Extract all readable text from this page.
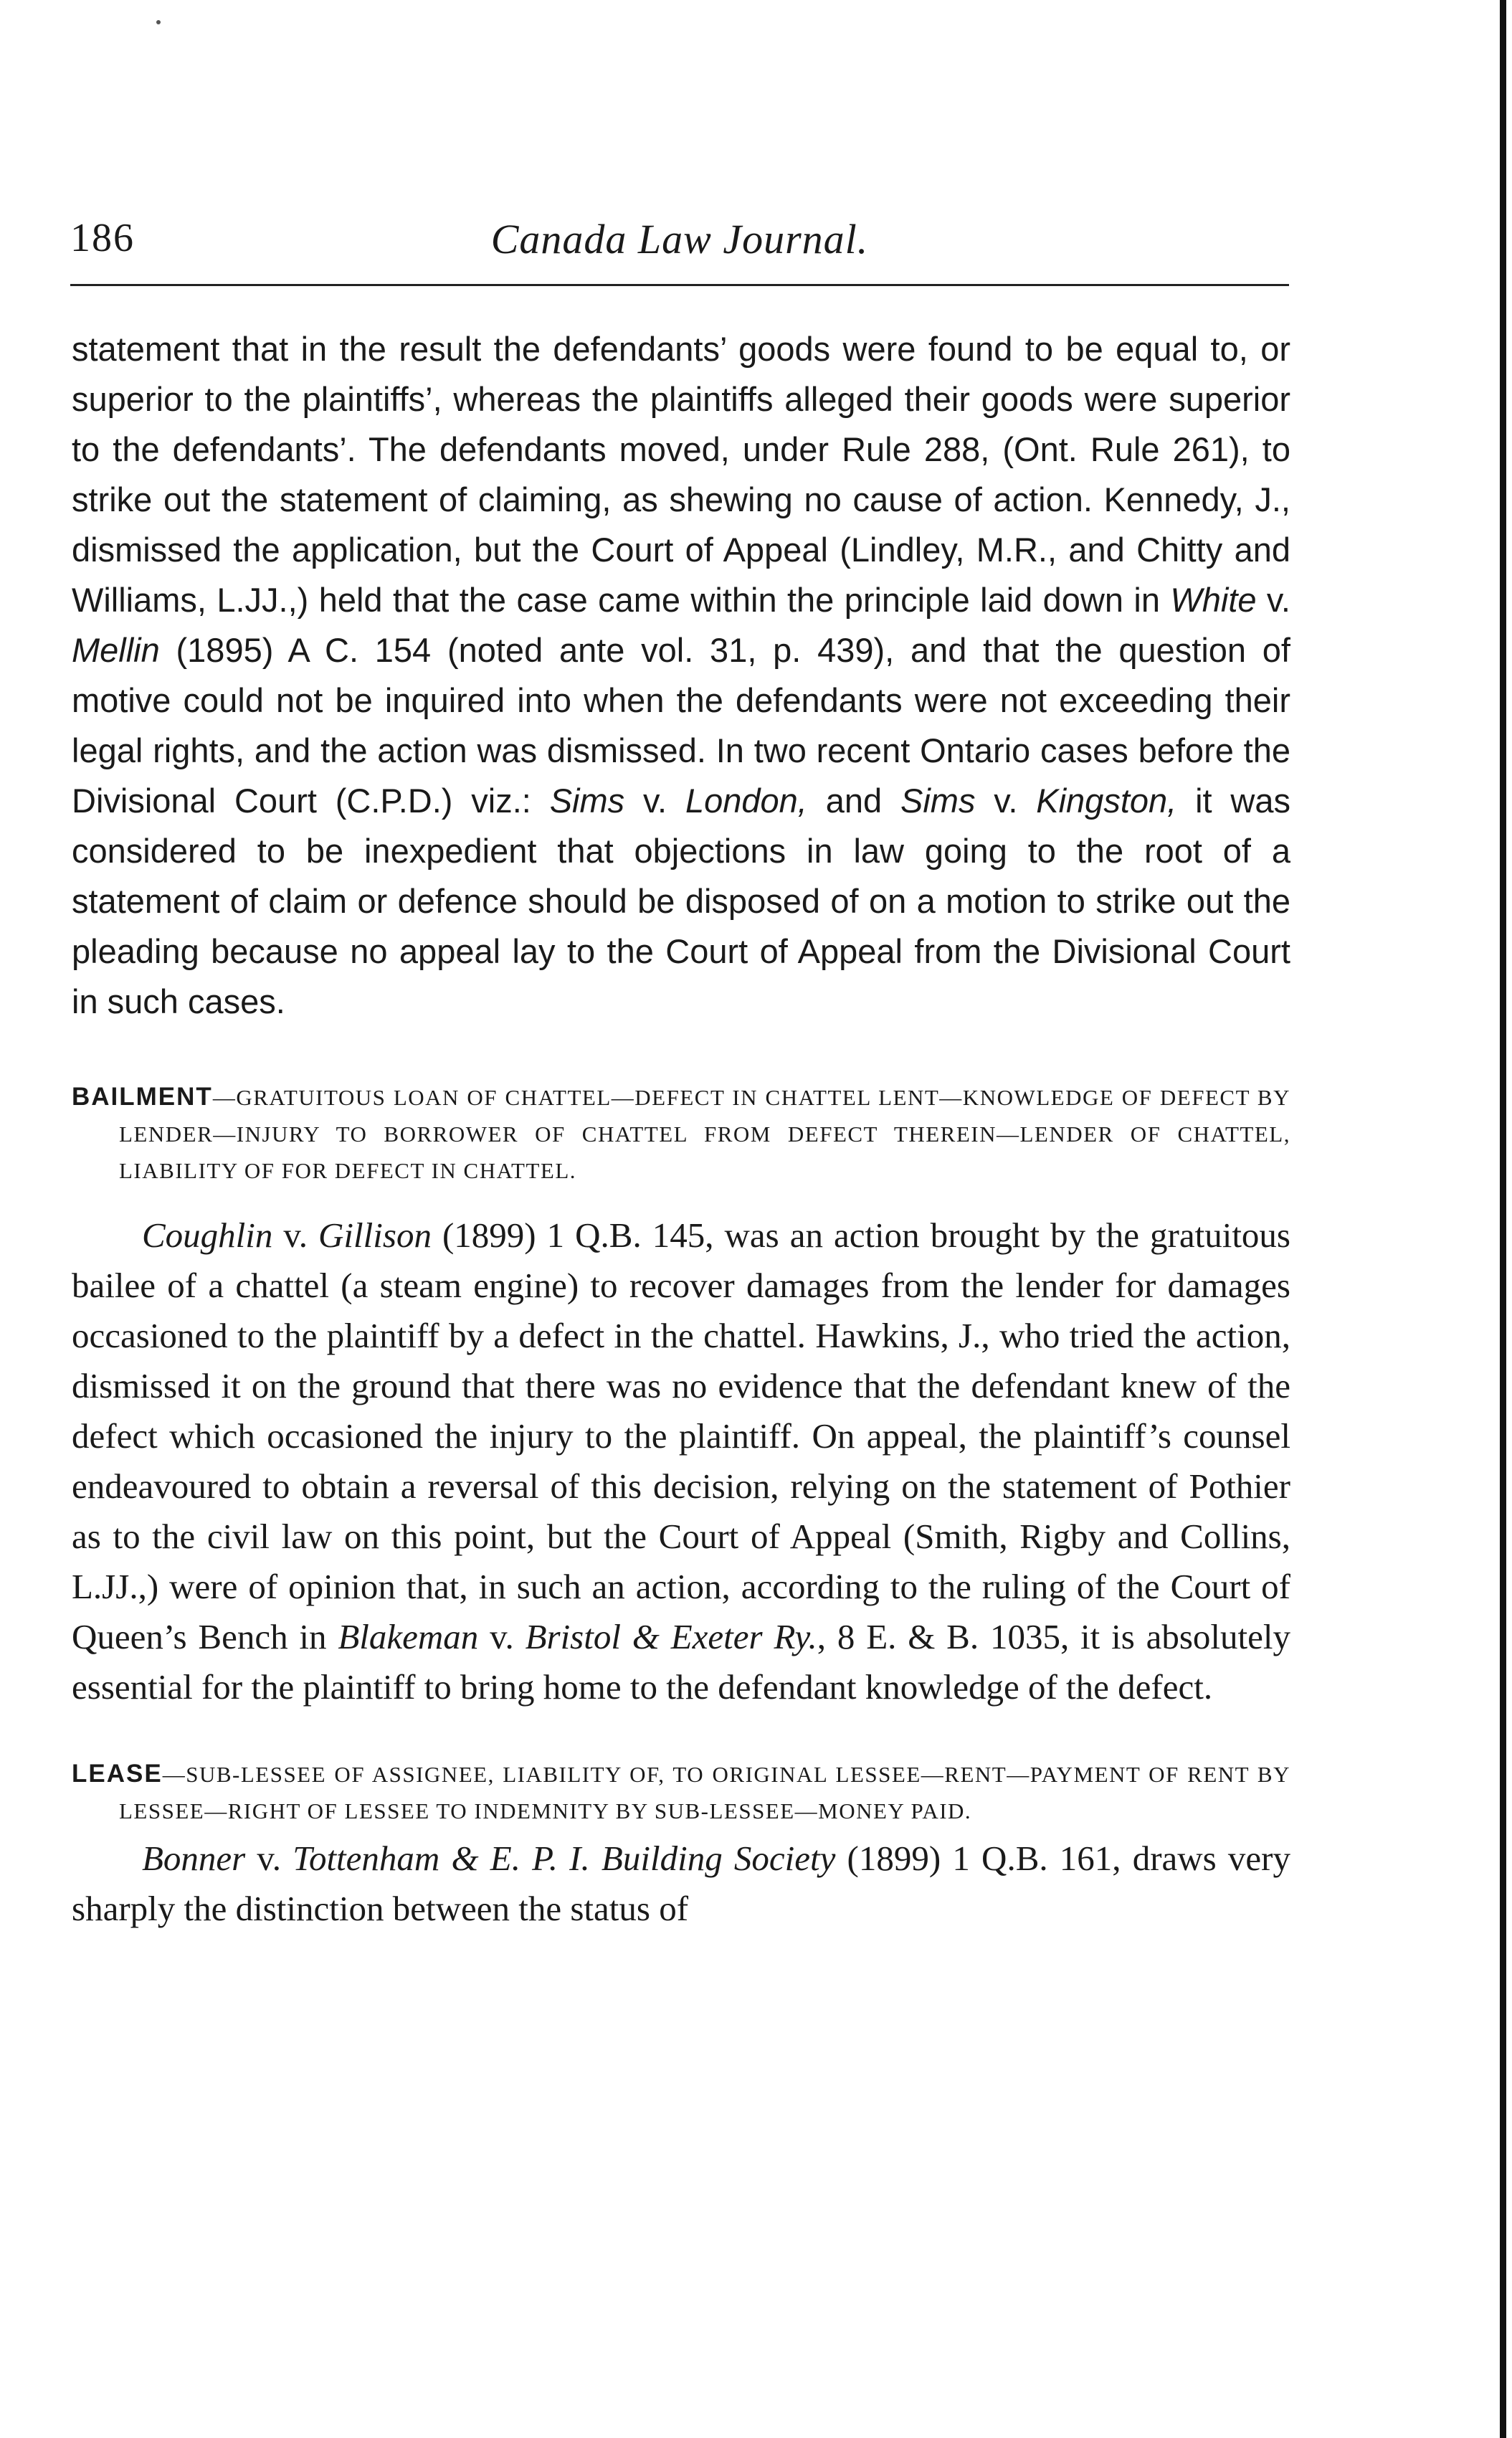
186	Canada Law Journal.

statement that in the result the defendants’ goods were found to be equal to, or superior to the plaintiffs’, whereas the plaintiffs alleged their goods were superior to the defendants’. The defendants moved, under Rule 288, (Ont. Rule 261), to strike out the statement of claiming, as shewing no cause of action. Kennedy, J., dismissed the application, but the Court of Appeal (Lindley, M.R., and Chitty and Williams, L.JJ.,) held that the case came within the principle laid down in White v. Mellin (1895) A C. 154 (noted ante vol. 31, p. 439), and that the question of motive could not be inquired into when the defendants were not exceeding their legal rights, and the action was dismissed. In two recent Ontario cases before the Divisional Court (C.P.D.) viz.: Sims v. London, and Sims v. Kingston, it was considered to be inexpedient that objections in law going to the root of a statement of claim or defence should be disposed of on a motion to strike out the pleading because no appeal lay to the Court of Appeal from the Divisional Court in such cases.

BAILMENT—GRATUITOUS LOAN OF CHATTEL—DEFECT IN CHATTEL LENT—KNOWLEDGE OF DEFECT BY LENDER—INJURY TO BORROWER OF CHATTEL FROM DEFECT THEREIN—LENDER OF CHATTEL, LIABILITY OF FOR DEFECT IN CHATTEL.

Coughlin v. Gillison (1899) 1 Q.B. 145, was an action brought by the gratuitous bailee of a chattel (a steam engine) to recover damages from the lender for damages occasioned to the plaintiff by a defect in the chattel. Hawkins, J., who tried the action, dismissed it on the ground that there was no evidence that the defendant knew of the defect which occasioned the injury to the plaintiff. On appeal, the plaintiff’s counsel endeavoured to obtain a reversal of this decision, relying on the statement of Pothier as to the civil law on this point, but the Court of Appeal (Smith, Rigby and Collins, L.JJ.,) were of opinion that, in such an action, according to the ruling of the Court of Queen’s Bench in Blakeman v. Bristol & Exeter Ry., 8 E. & B. 1035, it is absolutely essential for the plaintiff to bring home to the defendant knowledge of the defect.

LEASE—SUB-LESSEE OF ASSIGNEE, LIABILITY OF, TO ORIGINAL LESSEE—RENT—PAYMENT OF RENT BY LESSEE—RIGHT OF LESSEE TO INDEMNITY BY SUB-LESSEE—MONEY PAID.

Bonner v. Tottenham & E. P. I. Building Society (1899) 1 Q.B. 161, draws very sharply the distinction between the status of
